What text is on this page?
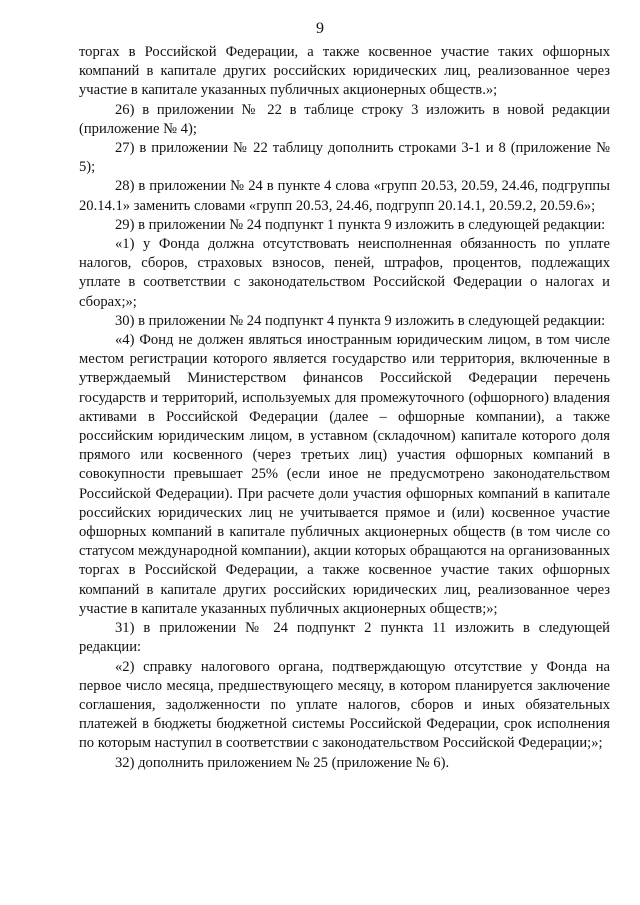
9

торгах в Российской Федерации, а также косвенное участие таких офшорных компаний в капитале других российских юридических лиц, реализованное через участие в капитале указанных публичных акционерных обществ.»;

26) в приложении № 22 в таблице строку 3 изложить в новой редакции (приложение № 4);

27) в приложении № 22 таблицу дополнить строками 3-1 и 8 (приложение № 5);

28) в приложении № 24 в пункте 4 слова «групп 20.53, 20.59, 24.46, подгруппы 20.14.1» заменить словами «групп 20.53, 24.46, подгрупп 20.14.1, 20.59.2, 20.59.6»;

29) в приложении № 24 подпункт 1 пункта 9 изложить в следующей редакции:

«1) у Фонда должна отсутствовать неисполненная обязанность по уплате налогов, сборов, страховых взносов, пеней, штрафов, процентов, подлежащих уплате в соответствии с законодательством Российской Федерации о налогах и сборах;»;

30) в приложении № 24 подпункт 4 пункта 9 изложить в следующей редакции:

«4) Фонд не должен являться иностранным юридическим лицом, в том числе местом регистрации которого является государство или территория, включенные в утверждаемый Министерством финансов Российской Федерации перечень государств и территорий, используемых для промежуточного (офшорного) владения активами в Российской Федерации (далее – офшорные компании), а также российским юридическим лицом, в уставном (складочном) капитале которого доля прямого или косвенного (через третьих лиц) участия офшорных компаний в совокупности превышает 25% (если иное не предусмотрено законодательством Российской Федерации). При расчете доли участия офшорных компаний в капитале российских юридических лиц не учитывается прямое и (или) косвенное участие офшорных компаний в капитале публичных акционерных обществ (в том числе со статусом международной компании), акции которых обращаются на организованных торгах в Российской Федерации, а также косвенное участие таких офшорных компаний в капитале других российских юридических лиц, реализованное через участие в капитале указанных публичных акционерных обществ;»;

31) в приложении № 24 подпункт 2 пункта 11 изложить в следующей редакции:

«2) справку налогового органа, подтверждающую отсутствие у Фонда на первое число месяца, предшествующего месяцу, в котором планируется заключение соглашения, задолженности по уплате налогов, сборов и иных обязательных платежей в бюджеты бюджетной системы Российской Федерации, срок исполнения по которым наступил в соответствии с законодательством Российской Федерации;»;

32) дополнить приложением № 25 (приложение № 6).
